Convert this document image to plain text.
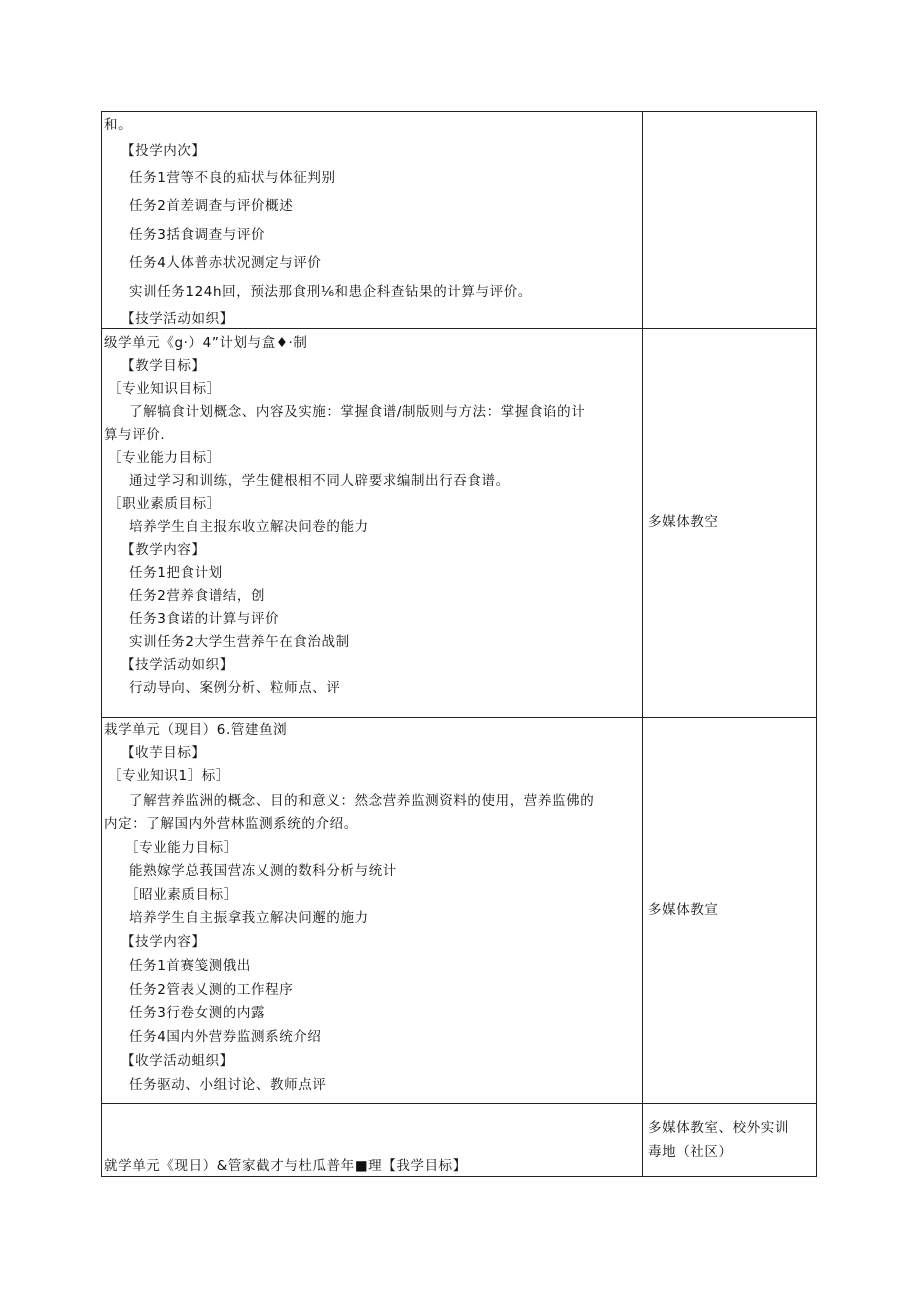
和。
【投学内次】
任务1营等不良的疝状与体征判别
任务2首差调查与评价概述
任务3括食调查与评价
任务4人体普赤状况测定与评价
实训任务124h回，预法那食刑⅙和患企科查钻果的计算与评价。
【技学活动如织】
级学单元《g·）4”计划与盒♦·制
【教学目标】
［专业知识目标］
了解犒食计划概念、内容及实施：掌握食谱/制版则与方法：掌握食谄的计
算与评价.
［专业能力目标］
通过学习和训练，学生健根相不同人辟要求编制出行吞食谱。
［职业素质目标］
培养学生自主报东收立解决问卷的能力
【教学内容】
任务1把食计划
任务2营养食谱结，创
任务3食诺的计算与评价
实训任务2大学生营养午在食治战制
【技学活动如织】
行动导向、案例分析、粒师点、评
多媒体教空
栽学单元（现目）6.管建鱼浏
【收芋目标】
［专业知识1］标］
了解营养监洲的概念、目的和意义：然念营养监测资料的使用，营养监佛的
内定：了解国内外营林监测系统的介绍。
［专业能力目标］
能熟嫁学总莪国营冻乂测的数科分析与统计
［昭业素质目标］
培养学生自主振拿莪立解决问邂的施力
【技学内容】
任务1首赛笺测俄出
任务2管表乂测的工作程序
任务3行卷女测的内露
任务4国内外营券监测系统介绍
【收学活动蛆织】
任务驱动、小组讨论、教师点评
多媒体教宣
就学单元《现日）&管家截才与杜瓜普年■理【我学目标】
多媒体教室、校外实训
毒地（社区）
